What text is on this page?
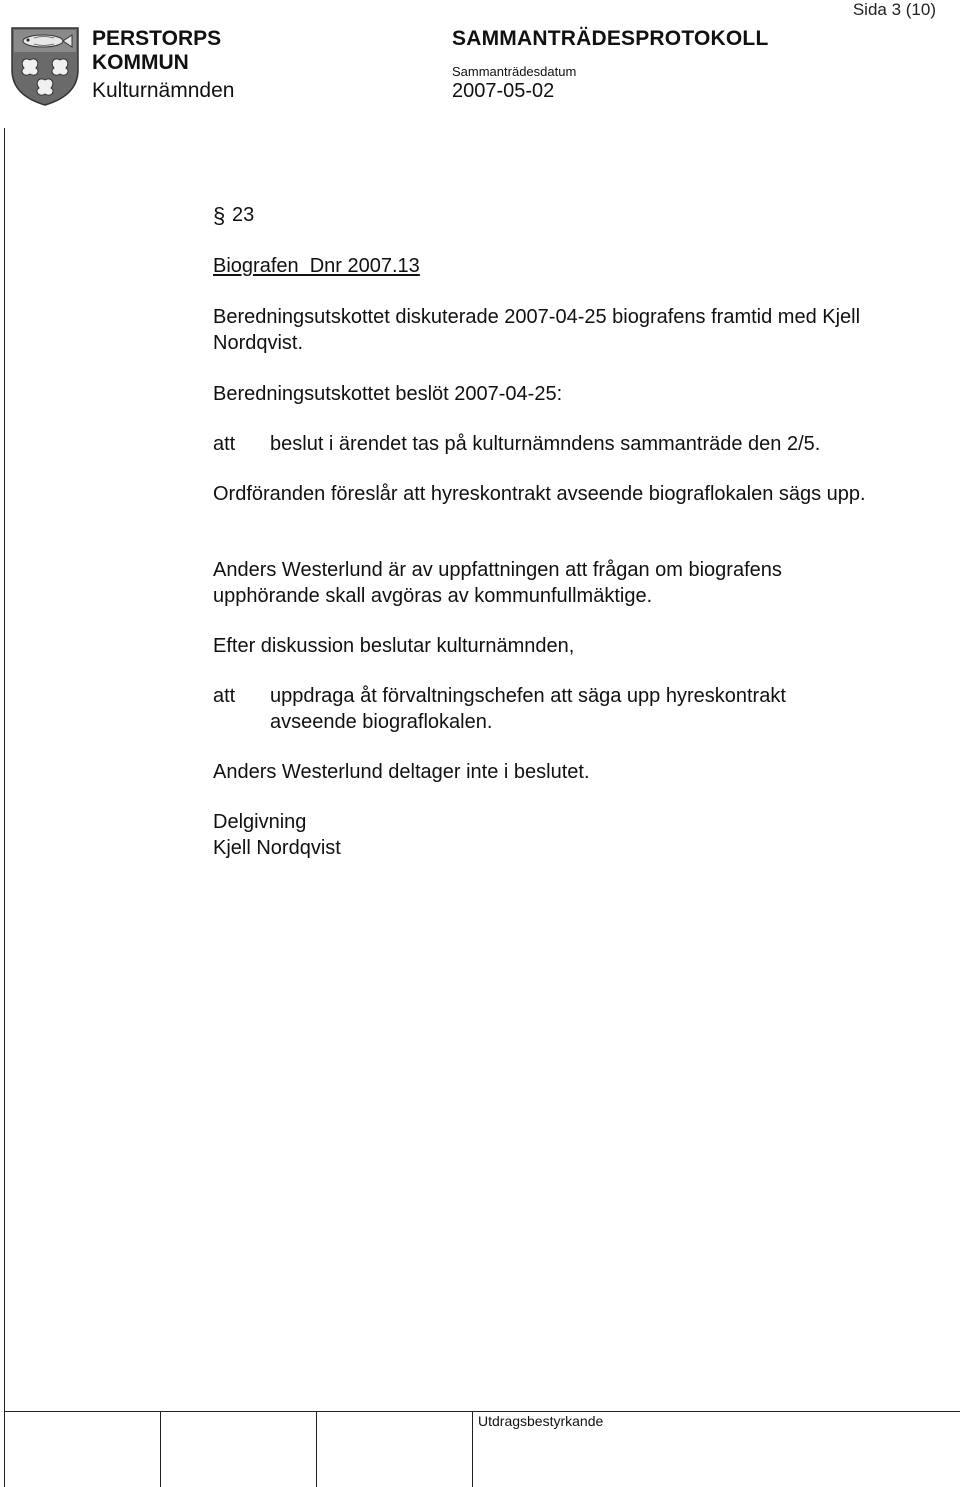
Sida 3 (10)
PERSTORPS
KOMMUN
Kulturnämnden
SAMMANTRÄDESPROTOKOLL
Sammanträdesdatum
2007-05-02
§ 23
Biografen  Dnr 2007.13
Beredningsutskottet diskuterade 2007-04-25 biografens framtid med Kjell Nordqvist.
Beredningsutskottet beslöt 2007-04-25:
att beslut i ärendet tas på kulturnämndens sammanträde den 2/5.
Ordföranden föreslår att hyreskontrakt avseende biograflokalen sägs upp.
Anders Westerlund är av uppfattningen att frågan om biografens upphörande skall avgöras av kommunfullmäktige.
Efter diskussion beslutar kulturnämnden,
att uppdraga åt förvaltningschefen att säga upp hyreskontrakt avseende biograflokalen.
Anders Westerlund deltager inte i beslutet.
Delgivning
Kjell Nordqvist
Utdragsbestyrkande
